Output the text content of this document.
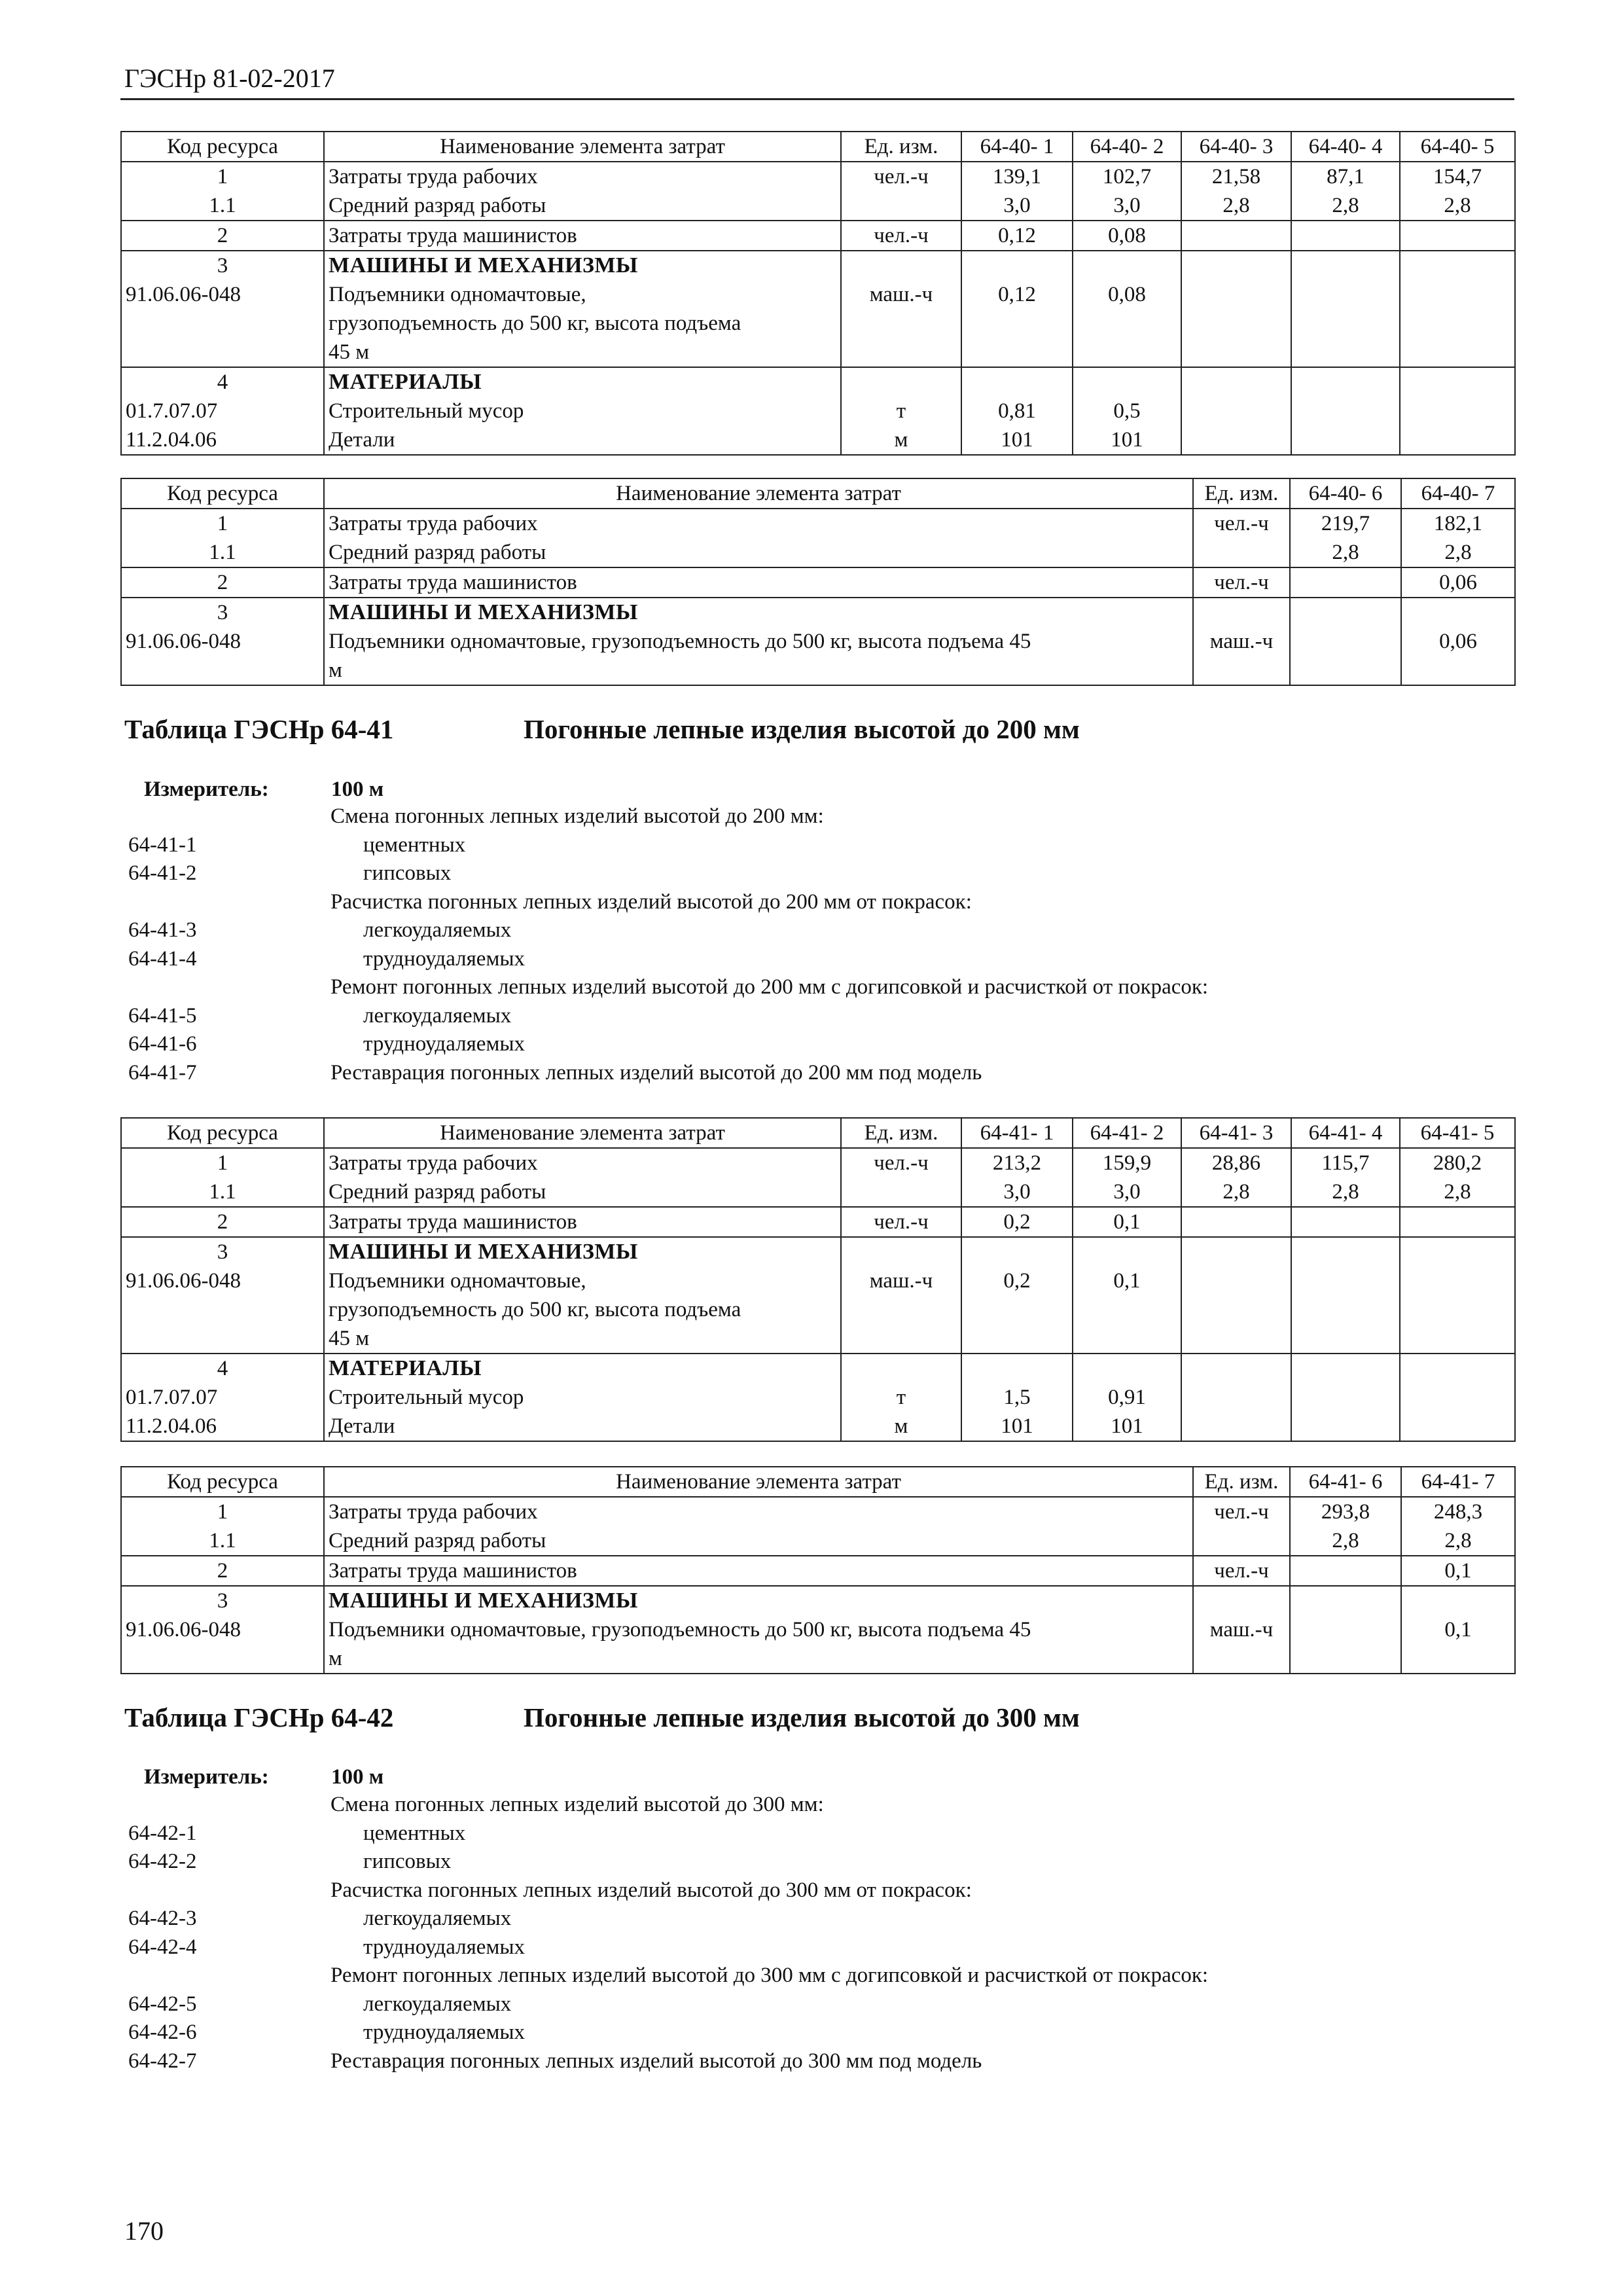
ГЭСНр 81-02-2017
Код ресурса	Наименование элемента затрат	Ед. изм.	64-40- 1	64-40- 2	64-40- 3	64-40- 4	64-40- 5
1	Затраты труда рабочих	чел.-ч	139,1	102,7	21,58	87,1	154,7
1.1	Средний разряд работы		3,0	3,0	2,8	2,8	2,8
2	Затраты труда машинистов	чел.-ч	0,12	0,08			
3	МАШИНЫ И МЕХАНИЗМЫ						
91.06.06-048	Подъемники одномачтовые,	маш.-ч	0,12	0,08			
	грузоподъемность до 500 кг, высота подъема						
	45 м						
4	МАТЕРИАЛЫ						
01.7.07.07	Строительный мусор	т	0,81	0,5			
11.2.04.06	Детали	м	101	101			
Код ресурса	Наименование элемента затрат	Ед. изм.	64-40- 6	64-40- 7
1	Затраты труда рабочих	чел.-ч	219,7	182,1
1.1	Средний разряд работы		2,8	2,8
2	Затраты труда машинистов	чел.-ч		0,06
3	МАШИНЫ И МЕХАНИЗМЫ			
91.06.06-048	Подъемники одномачтовые, грузоподъемность до 500 кг, высота подъема 45	маш.-ч		0,06
	м			
Таблица ГЭСНр 64-41	Погонные лепные изделия высотой до 200 мм
Измеритель:	100 м
Смена погонных лепных изделий высотой до 200 мм:
64-41-1	цементных
64-41-2	гипсовых
Расчистка погонных лепных изделий высотой до 200 мм от покрасок:
64-41-3	легкоудаляемых
64-41-4	трудноудаляемых
Ремонт погонных лепных изделий высотой до 200 мм с догипсовкой и расчисткой от покрасок:
64-41-5	легкоудаляемых
64-41-6	трудноудаляемых
64-41-7	Реставрация погонных лепных изделий высотой до 200 мм под модель
Код ресурса	Наименование элемента затрат	Ед. изм.	64-41- 1	64-41- 2	64-41- 3	64-41- 4	64-41- 5
1	Затраты труда рабочих	чел.-ч	213,2	159,9	28,86	115,7	280,2
1.1	Средний разряд работы		3,0	3,0	2,8	2,8	2,8
2	Затраты труда машинистов	чел.-ч	0,2	0,1			
3	МАШИНЫ И МЕХАНИЗМЫ						
91.06.06-048	Подъемники одномачтовые,	маш.-ч	0,2	0,1			
	грузоподъемность до 500 кг, высота подъема						
	45 м						
4	МАТЕРИАЛЫ						
01.7.07.07	Строительный мусор	т	1,5	0,91			
11.2.04.06	Детали	м	101	101			
Код ресурса	Наименование элемента затрат	Ед. изм.	64-41- 6	64-41- 7
1	Затраты труда рабочих	чел.-ч	293,8	248,3
1.1	Средний разряд работы		2,8	2,8
2	Затраты труда машинистов	чел.-ч		0,1
3	МАШИНЫ И МЕХАНИЗМЫ			
91.06.06-048	Подъемники одномачтовые, грузоподъемность до 500 кг, высота подъема 45	маш.-ч		0,1
	м			
Таблица ГЭСНр 64-42	Погонные лепные изделия высотой до 300 мм
Измеритель:	100 м
Смена погонных лепных изделий высотой до 300 мм:
64-42-1	цементных
64-42-2	гипсовых
Расчистка погонных лепных изделий высотой до 300 мм от покрасок:
64-42-3	легкоудаляемых
64-42-4	трудноудаляемых
Ремонт погонных лепных изделий высотой до 300 мм с догипсовкой и расчисткой от покрасок:
64-42-5	легкоудаляемых
64-42-6	трудноудаляемых
64-42-7	Реставрация погонных лепных изделий высотой до 300 мм под модель
170
